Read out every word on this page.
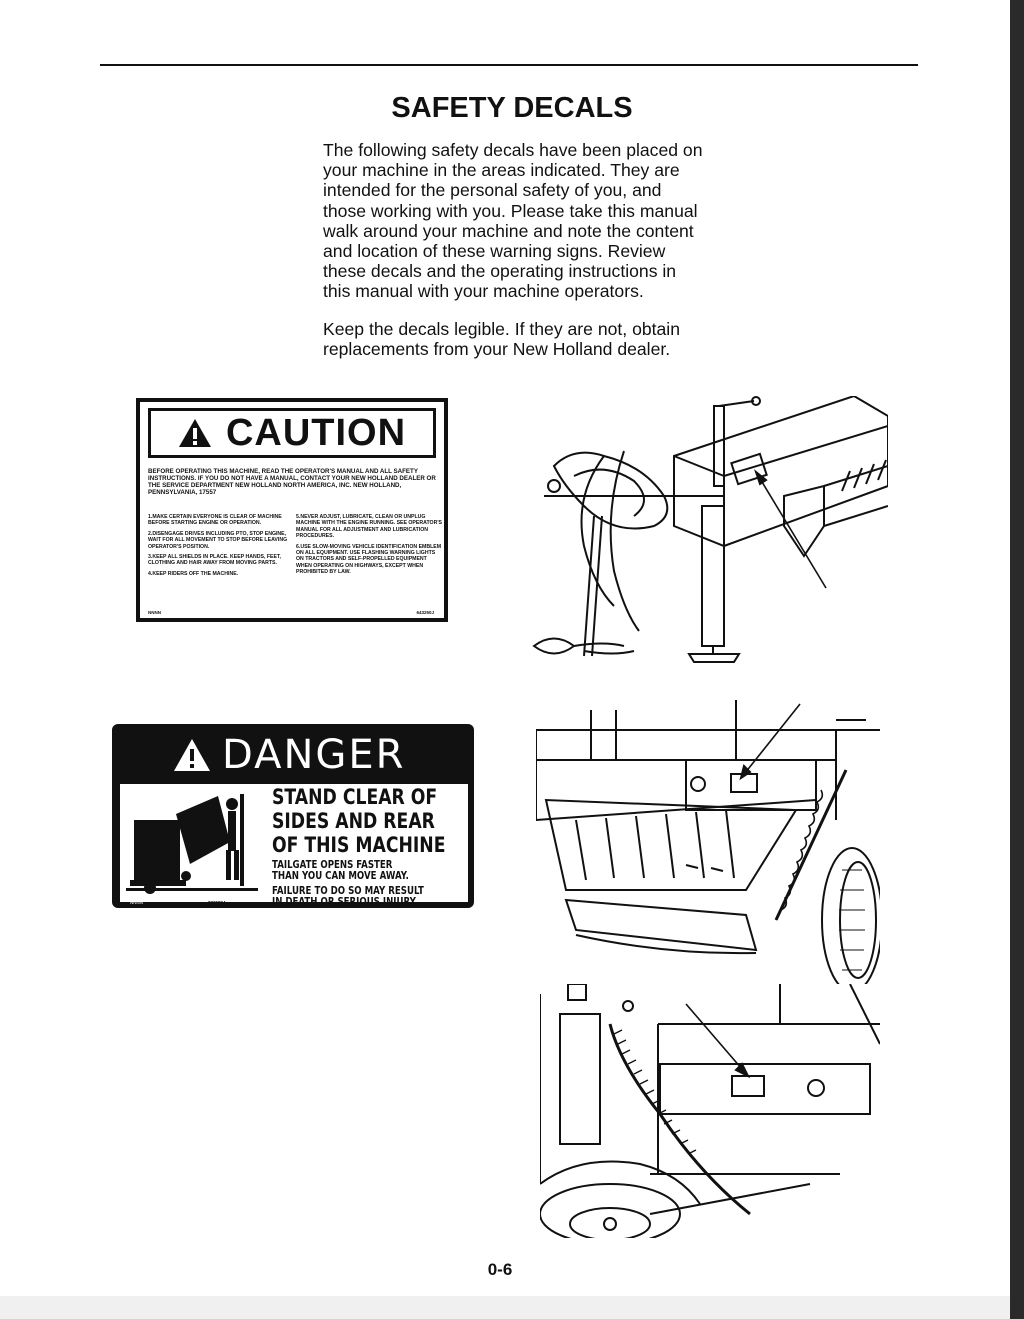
SAFETY DECALS
The following safety decals have been placed on your machine in the areas indicated. They are intended for the personal safety of you, and those working with you. Please take this manual walk around your machine and note the content and location of these warning signs. Review these decals and the operating instructions in this manual with your machine operators.
Keep the decals legible. If they are not, obtain replacements from your New Holland dealer.
CAUTION
BEFORE OPERATING THIS MACHINE, READ THE OPERATOR'S MANUAL AND ALL SAFETY INSTRUCTIONS. IF YOU DO NOT HAVE A MANUAL, CONTACT YOUR NEW HOLLAND DEALER OR THE SERVICE DEPARTMENT NEW HOLLAND NORTH AMERICA, INC. NEW HOLLAND, PENNSYLVANIA, 17557

1.MAKE CERTAIN EVERYONE IS CLEAR OF MACHINE BEFORE STARTING ENGINE OR OPERATION.

2.DISENGAGE DRIVES INCLUDING PTO, STOP ENGINE, WAIT FOR ALL MOVEMENT TO STOP BEFORE LEAVING OPERATOR'S POSITION.

3.KEEP ALL SHIELDS IN PLACE. KEEP HANDS, FEET, CLOTHING AND HAIR AWAY FROM MOVING PARTS.

4.KEEP RIDERS OFF THE MACHINE.

5.NEVER ADJUST, LUBRICATE, CLEAN OR UNPLUG MACHINE WITH THE ENGINE RUNNING. SEE OPERATOR'S MANUAL FOR ALL ADJUSTMENT AND LUBRICATION PROCEDURES.

6.USE SLOW-MOVING VEHICLE IDENTIFICATION EMBLEM ON ALL EQUIPMENT. USE FLASHING WARNING LIGHTS ON TRACTORS AND SELF-PROPELLED EQUIPMENT WHEN OPERATING ON HIGHWAYS, EXCEPT WHEN PROHIBITED BY LAW.

NNNN	643250J
DANGER
STAND CLEAR OF
SIDES AND REAR
OF THIS MACHINE
TAILGATE OPENS FASTER
THAN YOU CAN MOVE AWAY.
FAILURE TO DO SO MAY RESULT
IN DEATH OR SERIOUS INJURY.
NNNN	9825894
0-6
